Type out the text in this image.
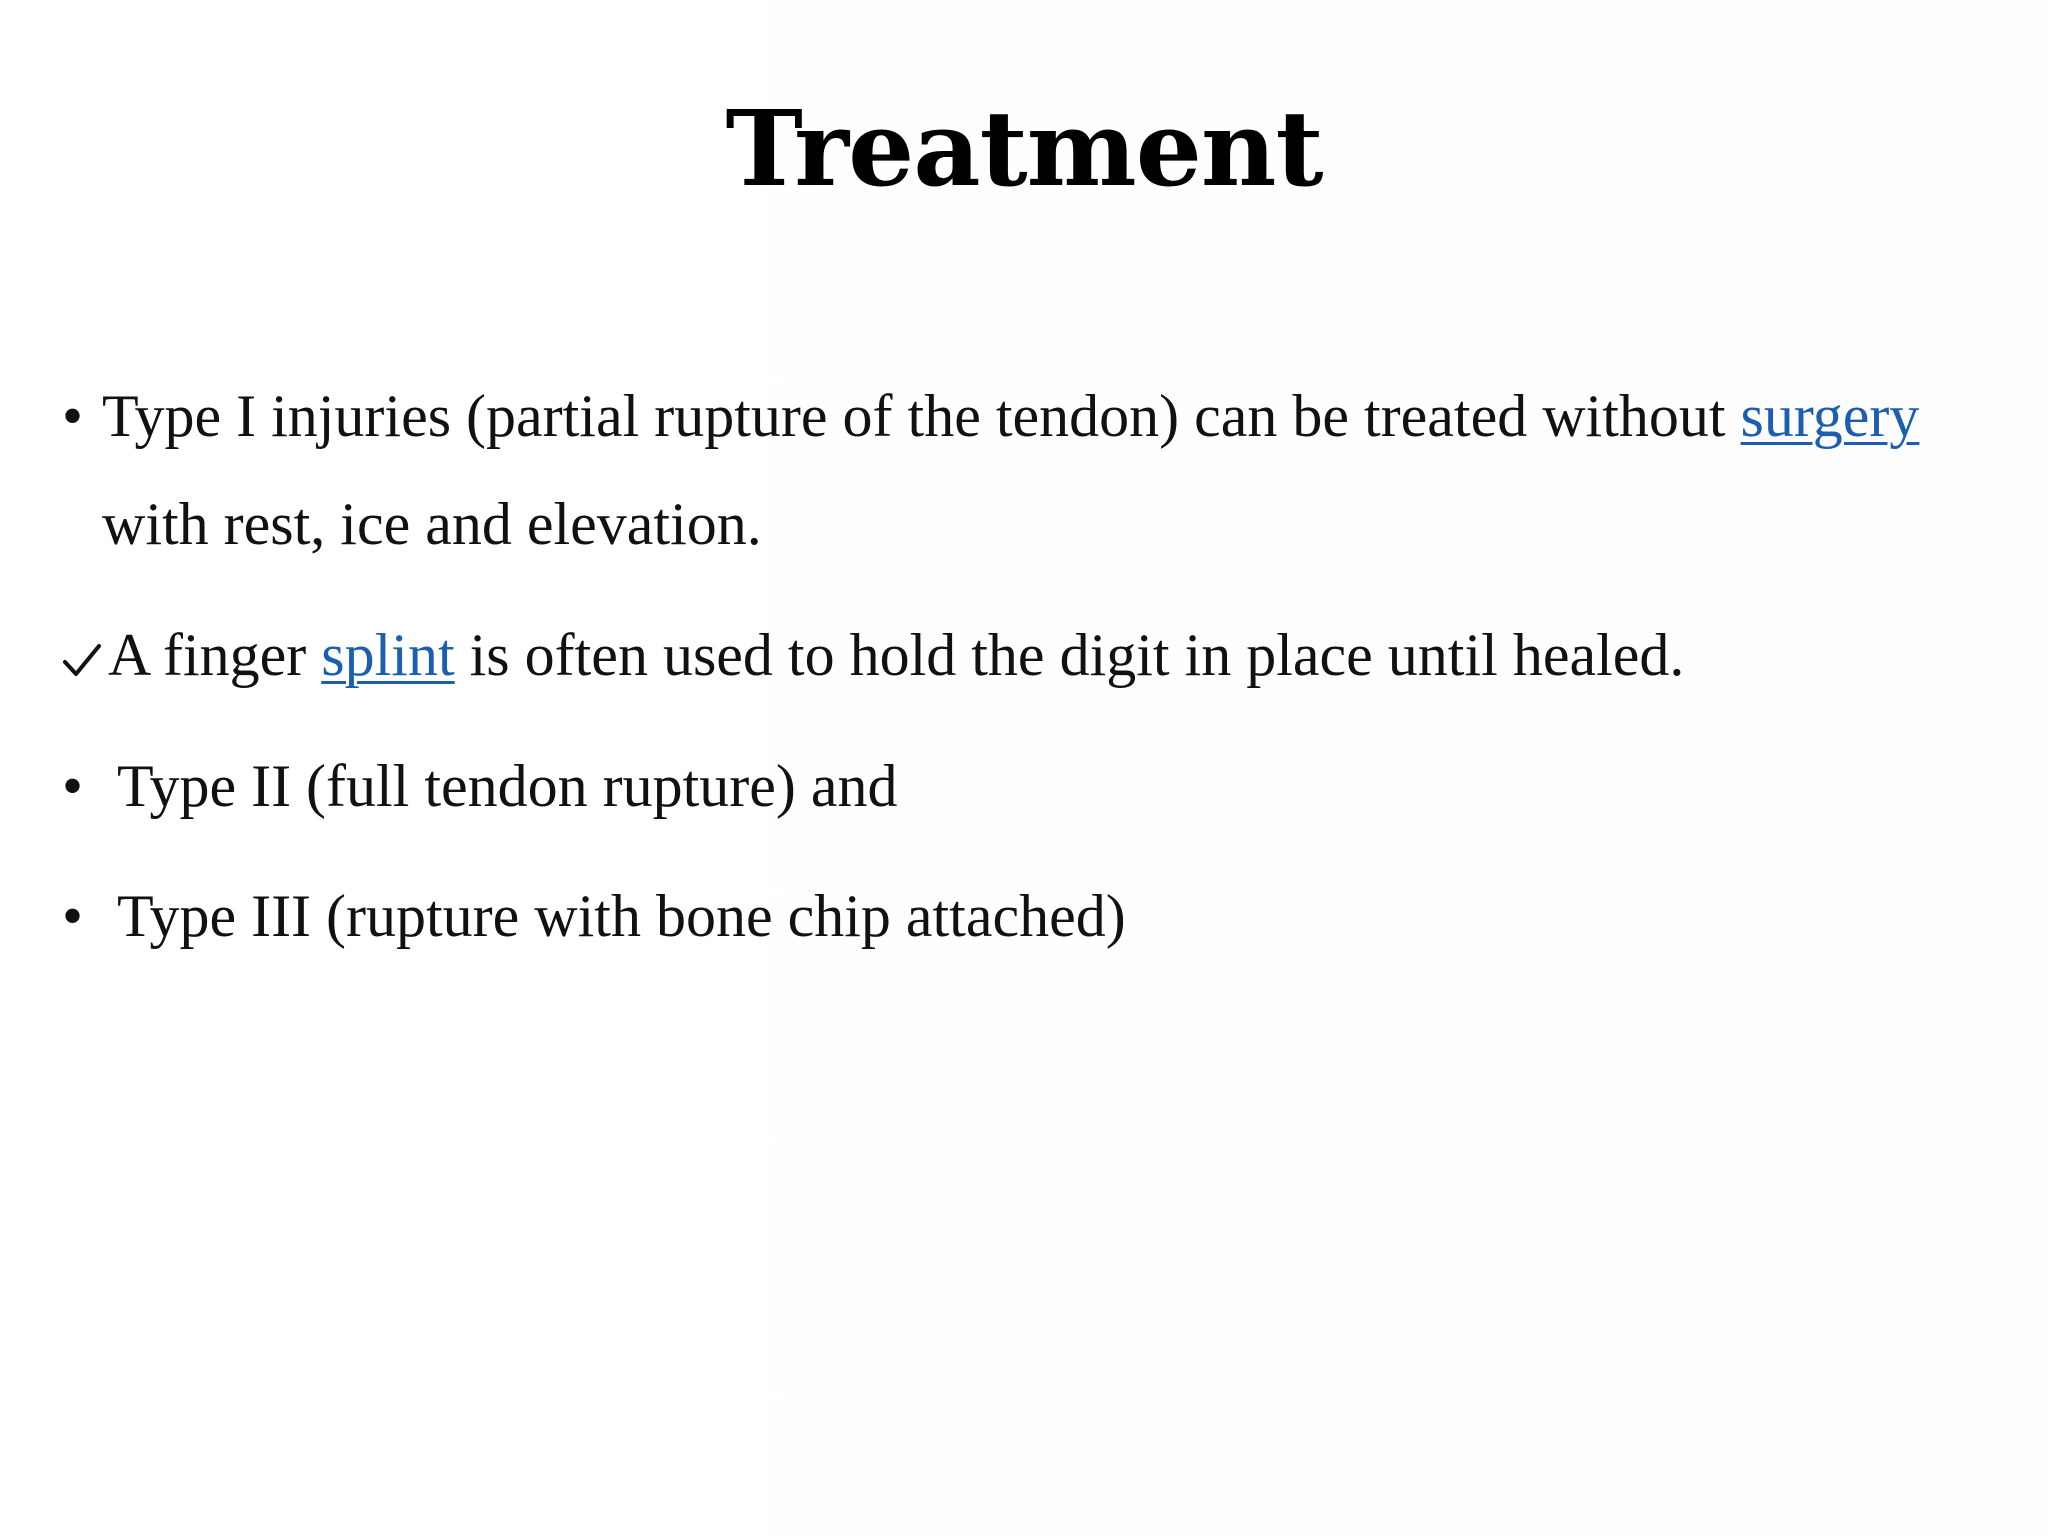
Treatment
• Type I injuries (partial rupture of the tendon) can be treated without surgery with rest, ice and elevation.
A finger splint is often used to hold the digit in place until healed.
• Type II (full tendon rupture) and
• Type III (rupture with bone chip attached)
